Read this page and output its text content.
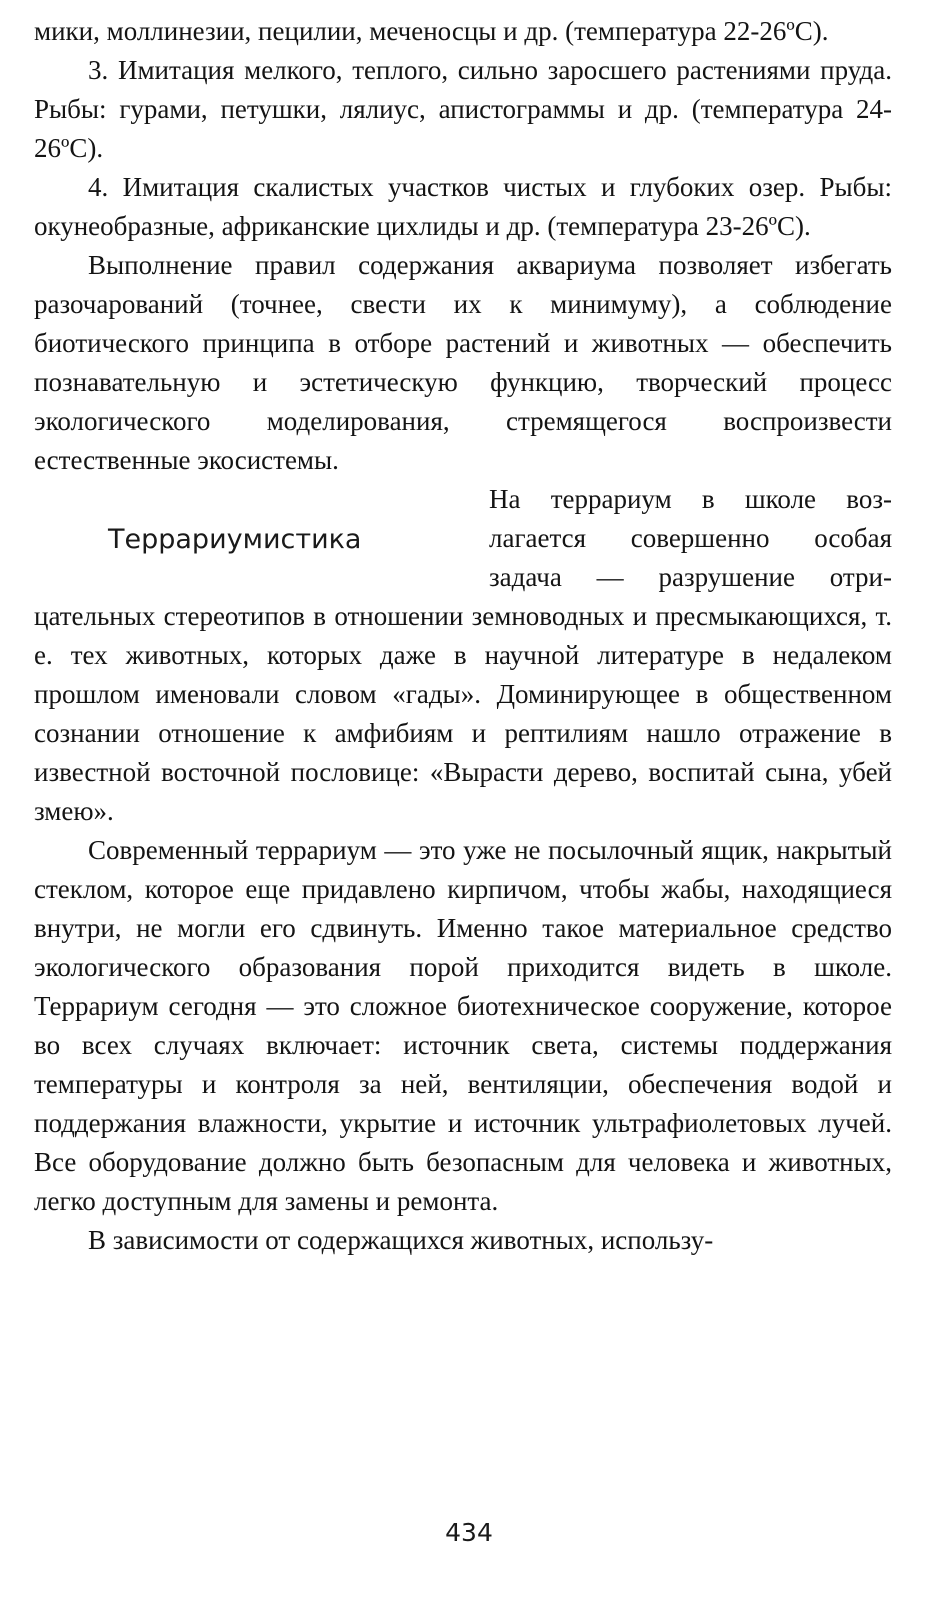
мики, моллинезии, пецилии, меченосцы и др. (температура 22-26ºС).

3. Имитация мелкого, теплого, сильно заросшего растениями пруда. Рыбы: гурами, петушки, лялиус, апистограммы и др. (температура 24-26ºС).

4. Имитация скалистых участков чистых и глубоких озер. Рыбы: окунеобразные, африканские цихлиды и др. (температура 23-26ºС).

Выполнение правил содержания аквариума позволяет избегать разочарований (точнее, свести их к минимуму), а соблюдение биотического принципа в отборе растений и животных — обеспечить познавательную и эстетическую функцию, творческий процесс экологического моделирования, стремящегося воспроизвести естественные экосистемы.

Террариумистика
На террариум в школе воз-
лагается совершенно особая
задача — разрушение отри-

цательных стереотипов в отношении земноводных и пресмыкающихся, т. е. тех животных, которых даже в научной литературе в недалеком прошлом именовали словом «гады». Доминирующее в общественном сознании отношение к амфибиям и рептилиям нашло отражение в известной восточной пословице: «Вырасти дерево, воспитай сына, убей змею».

Современный террариум — это уже не посылочный ящик, накрытый стеклом, которое еще придавлено кирпичом, чтобы жабы, находящиеся внутри, не могли его сдвинуть. Именно такое материальное средство экологического образования порой приходится видеть в школе. Террариум сегодня — это сложное биотехническое сооружение, которое во всех случаях включает: источник света, системы поддержания температуры и контроля за ней, вентиляции, обеспечения водой и поддержания влажности, укрытие и источник ультрафиолетовых лучей. Все оборудование должно быть безопасным для человека и животных, легко доступным для замены и ремонта.

В зависимости от содержащихся животных, использу-

434
